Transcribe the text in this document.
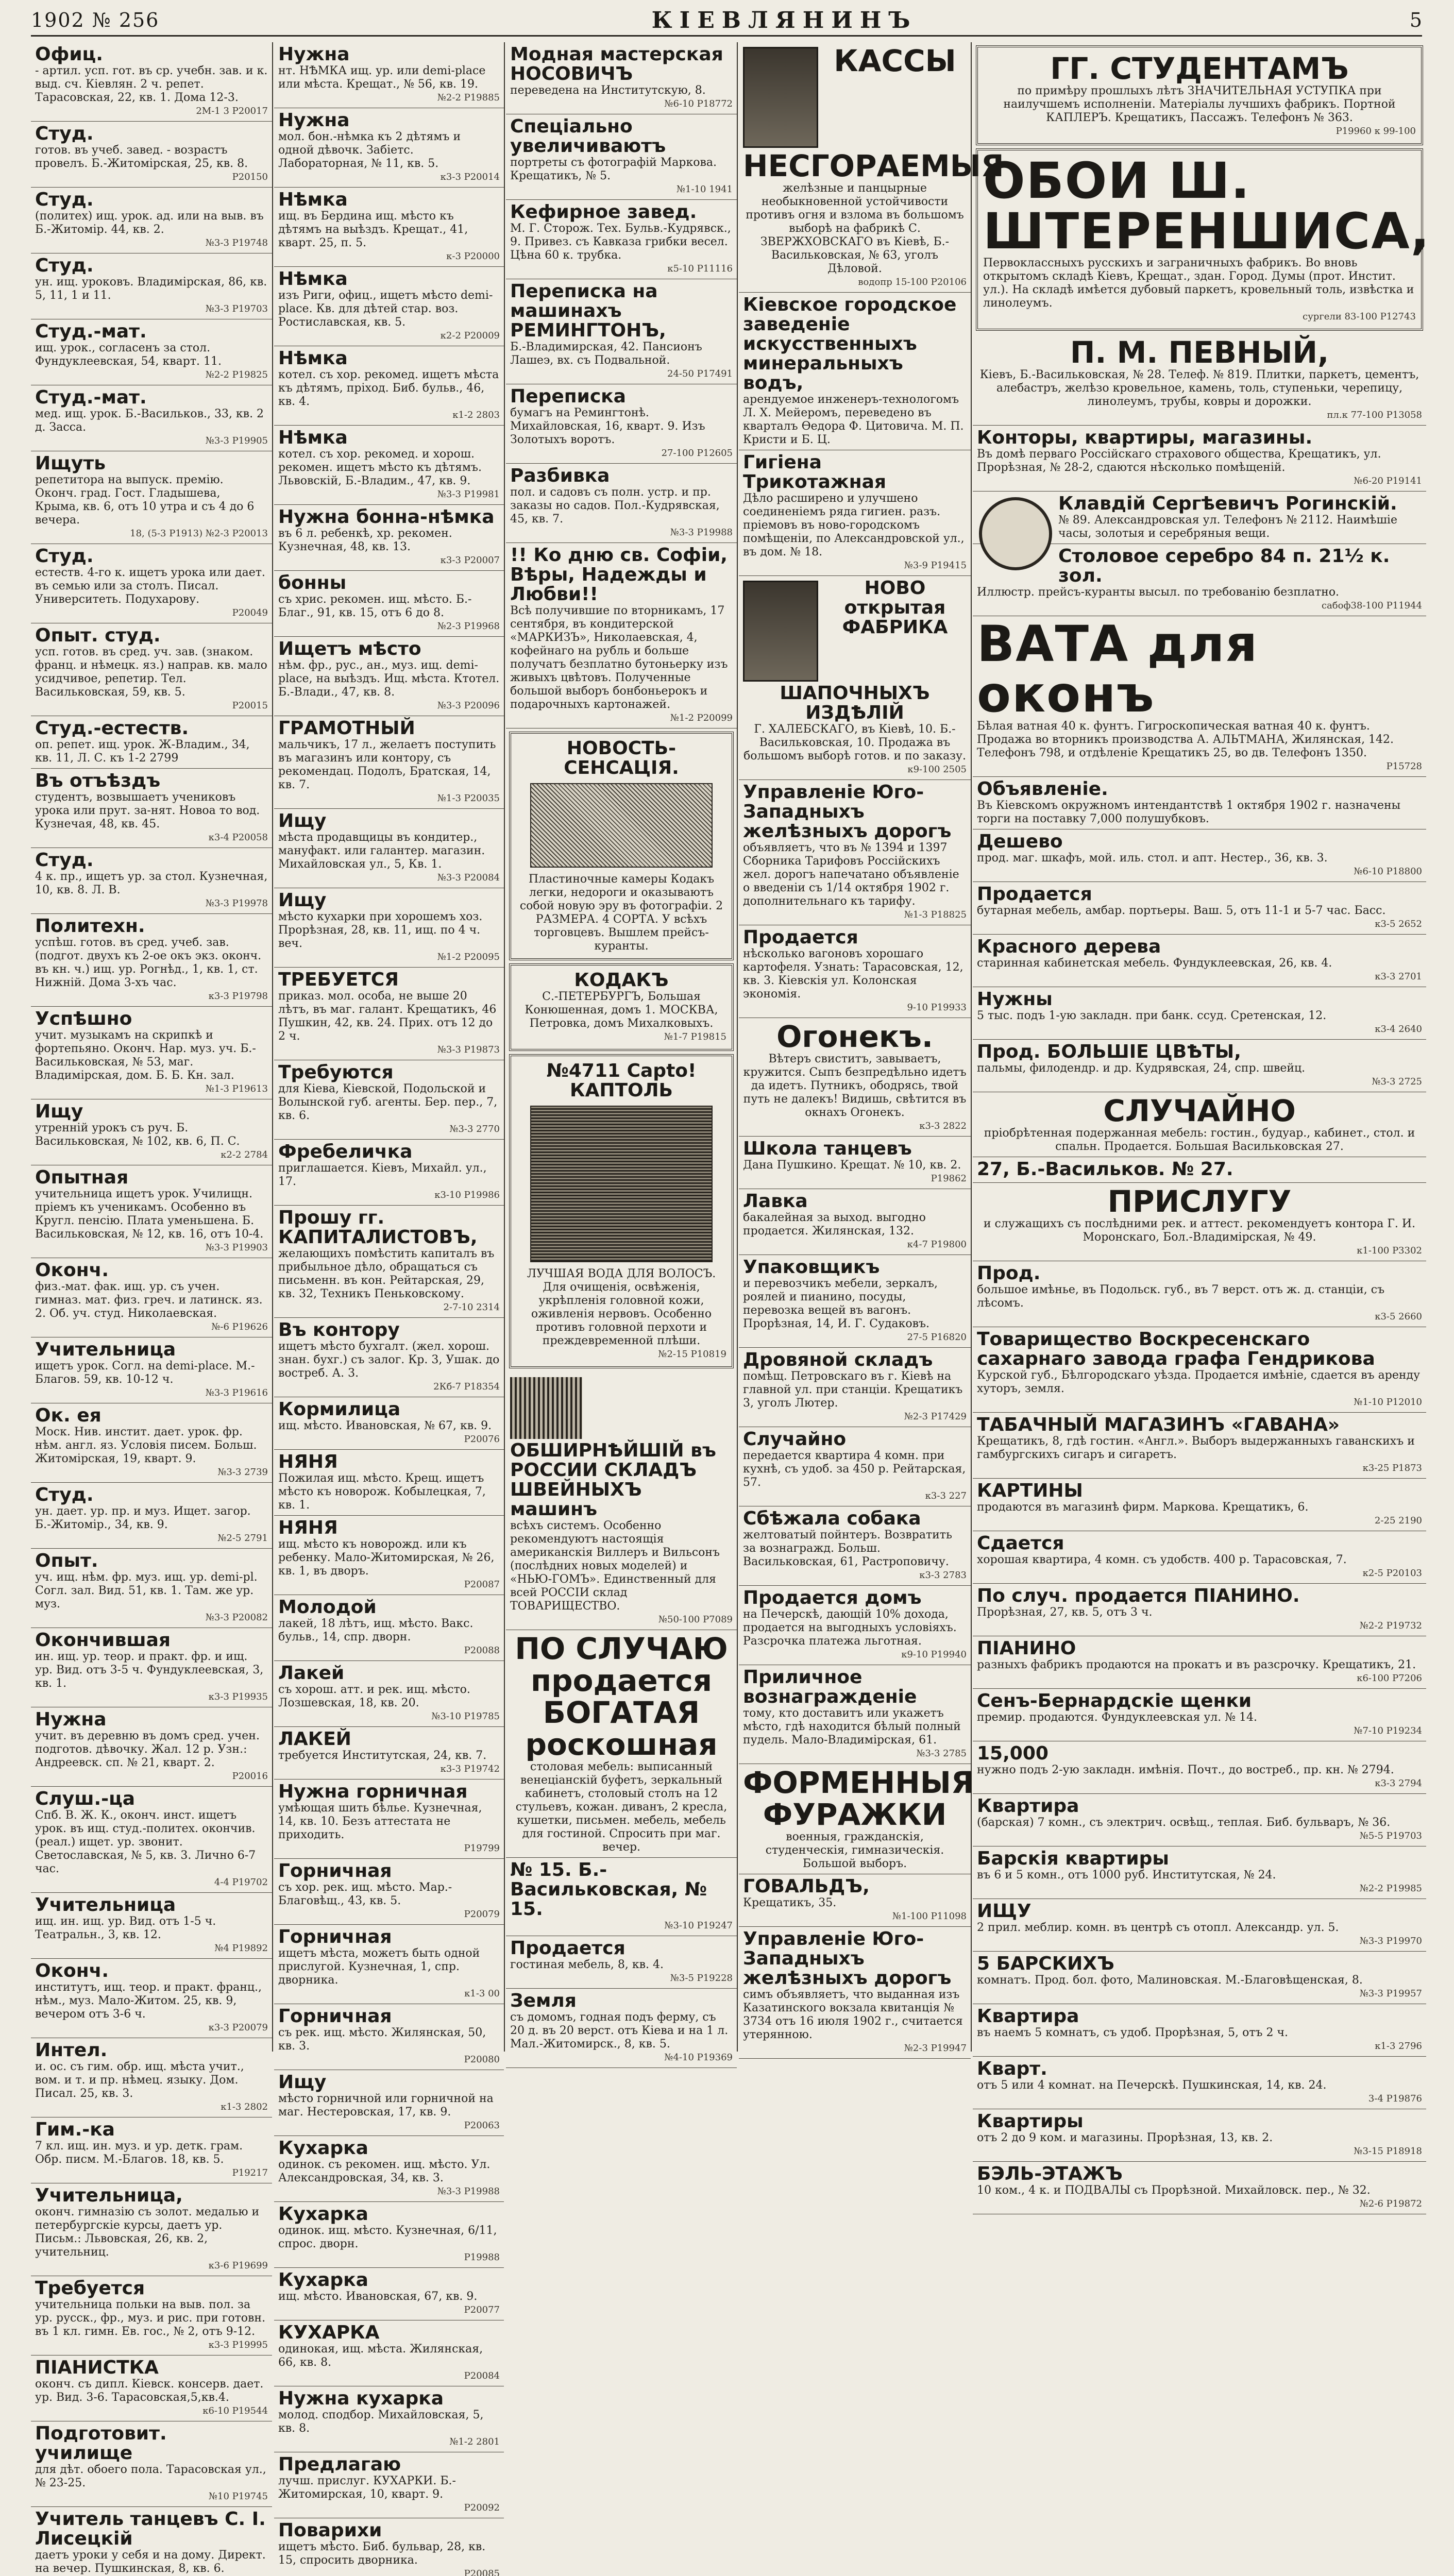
1902 № 256	КІЕВЛЯНИНЪ	5
Офиц.
- артил. усп. гот. въ ср. учебн. зав. и к. выд. сч. Кіевлян. 2 ч. репет. Тарасовская, 22, кв. 1. Дома 12-3.
2М-1 3 Р20017
Студ.
готов. въ учеб. завед. - возрастъ провелъ. Б.-Житомірская, 25, кв. 8.
Р20150
Студ.
(политех) ищ. урок. ад. или на выв. въ Б.-Житомір. 44, кв. 2.
№3-3 Р19748
Студ.
ун. ищ. уроковъ. Владимірская, 86, кв. 5, 11, 1 и 11.
№3-3 Р19703
Студ.-мат.
ищ. урок., согласенъ за стол. Фундуклеевская, 54, кварт. 11.
№2-2 Р19825
Студ.-мат.
мед. ищ. урок. Б.-Васильков., 33, кв. 2 д. Засса.
№3-3 Р19905
Ищуть
репетитора на выпуск. премію. Оконч. град. Гост. Гладышева, Крыма, кв. 6, отъ 10 утра и съ 4 до 6 вечера.
18, (5-3 Р1913) №2-3 Р20013
Студ.
естеств. 4-го к. ищетъ урока или дает. въ семью или за столъ. Писал. Университеть. Подухарову.
Р20049
Опыт. студ.
усп. готов. въ сред. уч. зав. (знаком. франц. и нѣмецк. яз.) направ. кв. мало усидчивое, репетир. Тел. Васильковская, 59, кв. 5.
Р20015
Студ.-естеств.
оп. репет. ищ. урок. Ж-Владим., 34, кв. 11, Л. С. къ 1-2 2799
Въ отъѣздъ
студентъ, возвышаетъ учениковъ урока или прут. за-нят. Новоа то вод. Кузнечая, 48, кв. 45.
к3-4 Р20058
Студ.
4 к. пр., ищетъ ур. за стол. Кузнечная, 10, кв. 8. Л. В.
№3-3 Р19978
Политехн.
успѣш. готов. въ сред. учеб. зав. (подгот. двухъ къ 2-ое окъ экз. оконч. въ кн. ч.) ищ. ур. Рогнѣд., 1, кв. 1, ст. Нижній. Дома 3-хъ час.
к3-3 Р19798
Успѣшно
учит. музыкамъ на скрипкѣ и фортепьяно. Оконч. Нар. муз. уч. Б.-Васильковская, № 53, маг. Владимірская, дом. Б. Б. Кн. зал.
№1-3 Р19613
Ищу
утренній урокъ съ руч. Б. Васильковская, № 102, кв. 6, П. С.
к2-2 2784
Опытная
учительница ищетъ урок. Училищн. пріемъ къ ученикамъ. Особенно въ Кругл. пенсію. Плата уменьшена. Б. Васильковская, № 12, кв. 16, отъ 10-4.
№3-3 Р19903
Оконч.
физ.-мат. фак. ищ. ур. съ учен. гимназ. мат. физ. греч. и латинск. яз. 2. Об. уч. студ. Николаевская.
№-6 Р19626
Учительница
ищетъ урок. Согл. на demi-place. М.-Благов. 59, кв. 10-12 ч.
№3-3 Р19616
Ок. ея
Моск. Нив. инстит. дает. урок. фр. нѣм. англ. яз. Условія писем. Больш. Житомірская, 19, кварт. 9.
№3-3 2739
Студ.
ун. дает. ур. пр. и муз. Ищет. загор. Б.-Житомір., 34, кв. 9.
№2-5 2791
Опыт.
уч. ищ. нѣм. фр. муз. ищ. ур. demi-pl. Согл. зал. Вид. 51, кв. 1. Там. же ур. муз.
№3-3 Р20082
Окончившая
ин. ищ. ур. теор. и практ. фр. и ищ. ур. Вид. отъ 3-5 ч. Фундуклеевская, 3, кв. 1.
к3-3 Р19935
Нужна
учит. въ деревню въ домъ сред. учен. подготов. дѣвочку. Жал. 12 р. Узн.: Андреевск. сп. № 21, кварт. 2.
Р20016
Слуш.-ца
Спб. В. Ж. К., оконч. инст. ищетъ урок. въ ищ. студ.-политех. окончив. (реал.) ищет. ур. звонит. Светославская, № 5, кв. 3. Лично 6-7 час.
4-4 Р19702
Учительница
ищ. ин. ищ. ур. Вид. отъ 1-5 ч. Театральн., 3, кв. 12.
№4 Р19892
Оконч.
институтъ, ищ. теор. и практ. франц., нѣм., муз. Мало-Житом. 25, кв. 9, вечером отъ 3-6 ч.
к3-3 Р20079
Интел.
и. ос. съ гим. обр. ищ. мѣста учит., вом. и т. и пр. нѣмец. языку. Дом. Писал. 25, кв. 3.
к1-3 2802
Гим.-ка
7 кл. ищ. ин. муз. и ур. детк. грам. Обр. писм. М.-Благов. 18, кв. 5.
Р19217
Учительница,
оконч. гимназію съ золот. медалью и петербургскіе курсы, даетъ ур. Письм.: Львовская, 26, кв. 2, учительниц.
к3-6 Р19699
Требуется
учительница польки на выв. пол. за ур. русск., фр., муз. и рис. при готовн. въ 1 кл. гимн. Ев. гос., № 2, отъ 9-12.
к3-3 Р19995
ПІАНИСТКА
оконч. съ дипл. Кіевск. консерв. дает. ур. Вид. 3-6. Тарасовская,5,кв.4.
к6-10 Р19544
Подготовит. училище
для дѣт. обоего пола. Тарасовская ул., № 23-25.
№10 Р19745
Учитель танцевъ С. І. Лисецкій
даетъ уроки у себя и на дому. Директ. на вечер. Пушкинская, 8, кв. 6.
Нужна
нт. НѢМКА ищ. ур. или demi-place или мѣста. Крещат., № 56, кв. 19.
№2-2 Р19885
Нужна
мол. бон.-нѣмка къ 2 дѣтямъ и одной дѣвочк. Забіетс. Лабораторная, № 11, кв. 5.
к3-3 Р20014
Нѣмка
ищ. въ Бердина ищ. мѣсто къ дѣтямъ на выѣздъ. Крещат., 41, кварт. 25, п. 5.
к-3 Р20000
Нѣмка
изъ Риги, офиц., ищетъ мѣсто demi-place. Кв. для дѣтей стар. воз. Ростиславская, кв. 5.
к2-2 Р20009
Нѣмка
котел. съ хор. рекомед. ищетъ мѣста къ дѣтямъ, пріход. Биб. бульв., 46, кв. 4.
к1-2 2803
Нѣмка
котел. съ хор. рекомед. и хорош. рекомен. ищетъ мѣсто къ дѣтямъ. Львовскій, Б.-Владим., 47, кв. 9.
№3-3 Р19981
Нужна бонна-нѣмка
въ 6 л. ребенкѣ, хр. рекомен. Кузнечная, 48, кв. 13.
к3-3 Р20007
бонны
съ хрис. рекомен. ищ. мѣсто. Б.-Благ., 91, кв. 15, отъ 6 до 8.
№2-3 Р19968
Ищетъ мѣсто
нѣм. фр., рус., ан., муз. ищ. demi-place, на выѣздъ. Ищ. мѣста. Ктотел. Б.-Влади., 47, кв. 8.
№3-3 Р20096
ГРАМОТНЫЙ
мальчикъ, 17 л., желаетъ поступить въ магазинъ или контору, съ рекомендац. Подолъ, Братская, 14, кв. 7.
№1-3 Р20035
Ищу
мѣста продавщицы въ кондитер., мануфакт. или галантер. магазин. Михайловская ул., 5, Кв. 1.
№3-3 Р20084
Ищу
мѣсто кухарки при хорошемъ хоз. Прорѣзная, 28, кв. 11, ищ. по 4 ч. веч.
№1-2 Р20095
ТРЕБУЕТСЯ
приказ. мол. особа, не выше 20 лѣтъ, въ маг. галант. Крещатикъ, 46 Пушкин, 42, кв. 24. Прих. отъ 12 до 2 ч.
№3-3 Р19873
Требуются
для Кіева, Кіевской, Подольской и Волынской губ. агенты. Бер. пер., 7, кв. 6.
№3-3 2770
Фребеличка
приглашается. Кіевъ, Михайл. ул., 17.
к3-10 Р19986
Прошу гг. КАПИТАЛИСТОВЪ,
желающихъ помѣстить капиталъ въ прибыльное дѣло, обращаться съ письменн. въ кон. Рейтарская, 29, кв. 32, Техникъ Пеньковскому.
2-7-10 2314
Въ контору
ищетъ мѣсто бухгалт. (жел. хорош. знан. бухг.) съ залог. Кр. 3, Ушак. до востреб. А. 3.
2Кб-7 Р18354
Кормилица
ищ. мѣсто. Ивановская, № 67, кв. 9.
Р20076
НЯНЯ
Пожилая ищ. мѣсто. Крещ. ищетъ мѣсто къ новорож. Кобылецкая, 7, кв. 1.
НЯНЯ
ищ. мѣсто къ новорожд. или къ ребенку. Мало-Житомирская, № 26, кв. 1, въ дворъ.
Р20087
Молодой
лакей, 18 лѣтъ, ищ. мѣсто. Вакс. бульв., 14, спр. дворн.
Р20088
Лакей
съ хорош. атт. и рек. ищ. мѣсто. Лозшевская, 18, кв. 20.
№3-10 Р19785
ЛАКЕЙ
требуется Институтская, 24, кв. 7.
к3-3 Р19742
Нужна горничная
умѣющая шить бѣлье. Кузнечная, 14, кв. 10. Безъ аттестата не приходить.
Р19799
Горничная
съ хор. рек. ищ. мѣсто. Мар.-Благовѣщ., 43, кв. 5.
Р20079
Горничная
ищетъ мѣста, можетъ быть одной прислугой. Кузнечная, 1, спр. дворника.
к1-3 00
Горничная
съ рек. ищ. мѣсто. Жилянская, 50, кв. 3.
Р20080
Ищу
мѣсто горничной или горничной на маг. Нестеровская, 17, кв. 9.
Р20063
Кухарка
одинок. съ рекомен. ищ. мѣсто. Ул. Александровская, 34, кв. 3.
№3-3 Р19988
Кухарка
одинок. ищ. мѣсто. Кузнечная, 6/11, спрос. дворн.
Р19988
Кухарка
ищ. мѣсто. Ивановская, 67, кв. 9.
Р20077
КУХАРКА
одинокая, ищ. мѣста. Жилянская, 66, кв. 8.
Р20084
Нужна кухарка
молод. сподбор. Михайловская, 5, кв. 8.
№1-2 2801
Предлагаю
лучш. прислуг. КУХАРКИ. Б.-Житомирская, 10, кварт. 9.
Р20092
Поварихи
ищетъ мѣсто. Биб. бульвар, 28, кв. 15, спросить дворника.
Р20085
Модная мастерская НОСОВИЧЪ
переведена на Институтскую, 8.
№6-10 Р18772
Спеціально увеличиваютъ
портреты съ фотографій Маркова. Крещатикъ, № 5.
№1-10 1941
Кефирное завед.
М. Г. Сторож. Тех. Бульв.-Кудрявск., 9. Привез. съ Кавказа грибки весел. Цѣна 60 к. трубка.
к5-10 Р11116
Переписка на машинахъ РЕМИНГТОНЪ,
Б.-Владимирская, 42. Пансионъ Лашеэ, вх. съ Подвальной.
24-50 Р17491
Переписка
бумагъ на Ремингтонѣ. Михайловская, 16, кварт. 9. Изъ Золотыхъ воротъ.
27-100 Р12605
Разбивка
пол. и садовъ съ полн. устр. и пр. заказы но садов. Пол.-Кудрявская, 45, кв. 7.
№3-3 Р19988
!! Ко дню св. Софіи, Вѣры, Надежды и Любви!!
Всѣ получившие по вторникамъ, 17 сентября, въ кондитерской «МАРКИЗЪ», Николаевская, 4, кофейнаго на рубль и больше получатъ безплатно бутоньерку изъ живыхъ цвѣтовъ. Полученные большой выборъ бонбоньерокъ и подарочныхъ картонажей.
№1-2 Р20099
НОВОСТЬ-СЕНСАЦІЯ.
Пластиночные камеры Кодакъ легки, недороги и оказываютъ собой новую эру въ фотографіи. 2 РАЗМЕРА. 4 СОРТА. У всѣхъ торговцевъ. Вышлем прейсъ-куранты.
КОДАКЪ
С.-ПЕТЕРБУРГЪ, Большая Конюшенная, домъ 1. МОСКВА, Петровка, домъ Михалковыхъ.
№1-7 Р19815
№4711 Capto! КАПТОЛЬ
ЛУЧШАЯ ВОДА ДЛЯ ВОЛОСЪ. Для очищенія, освѣженія, укрѣпленія головной кожи, оживленія нервовъ. Особенно противъ головной перхоти и преждевременной плѣши.
№2-15 Р10819
ОБШИРНѢЙШІЙ въ РОССИИ СКЛАДЪ ШВЕЙНЫХЪ машинъ
всѣхъ системъ. Особенно рекомендуютъ настоящія американскія Виллеръ и Вильсонъ (послѣдних новых моделей) и «НЬЮ-ГОМЪ». Единственный для всей РОССІИ склад ТОВАРИЩЕСТВО.
№50-100 Р7089
ПО СЛУЧАЮ продается БОГАТАЯ роскошная
столовая мебель: выписанный венеціанскій буфетъ, зеркальный кабинетъ, столовый столъ на 12 стульевъ, кожан. диванъ, 2 кресла, кушетки, письмен. мебель, мебель для гостиной. Спросить при маг. вечер.
№ 15. Б.-Васильковская, № 15.
№3-10 Р19247
Продается
гостиная мебель, 8, кв. 4.
№3-5 Р19228
Земля
съ домомъ, годная подъ ферму, съ 20 д. въ 20 верст. отъ Кіева и на 1 л. Мал.-Житомирск., 8, кв. 5.
№4-10 Р19369
КАССЫ НЕСГОРАЕМЫЯ
желѣзные и панцырные необыкновенной устойчивости противъ огня и взлома въ большомъ выборѣ на фабрикѣ С. ЗВЕРЖХОВСКАГО въ Кіевѣ, Б.-Васильковская, № 63, уголъ Дѣловой.
водопр 15-100 Р20106
Кіевское городское заведеніе искусственныхъ минеральныхъ водъ,
арендуемое инженеръ-технологомъ Л. Х. Мейеромъ, переведено въ кварталъ Ѳедора Ф. Цитовича. М. П. Кристи и Б. Ц.
Гигіена Трикотажная
Дѣло расширено и улучшено соединеніемъ ряда гигиен. разъ. пріемовъ въ ново-городскомъ помѣщеніи, по Александровской ул., въ дом. № 18.
№3-9 Р19415
НОВО открытая ФАБРИКА ШАПОЧНЫХЪ ИЗДѢЛІЙ
Г. ХАЛЕБСКАГО, въ Кіевѣ, 10. Б.-Васильковская, 10. Продажа въ большомъ выборѣ готов. и по заказу.
к9-100 2505
Управленіе Юго-Западныхъ желѣзныхъ дорогъ
объявляетъ, что въ № 1394 и 1397 Сборника Тарифовъ Россійскихъ жел. дорогъ напечатано объявленіе о введеніи съ 1/14 октября 1902 г. дополнительнаго къ тарифу.
№1-3 Р18825
Продается
нѣсколько вагоновъ хорошаго картофеля. Узнать: Тарасовская, 12, кв. 3. Кіевскія ул. Колонская экономія.
9-10 Р19933
Огонекъ.
Вѣтеръ свиститъ, завываетъ, кружится. Сыпъ безпредѣльно идетъ да идетъ. Путникъ, ободрясь, твой путь не далекъ! Видишь, свѣтится въ окнахъ Огонекъ.
к3-3 2822
Школа танцевъ
Дана Пушкино. Крещат. № 10, кв. 2.
Р19862
Лавка
бакалейная за выход. выгодно продается. Жилянская, 132.
к4-7 Р19800
Упаковщикъ
и перевозчикъ мебели, зеркалъ, роялей и пианино, посуды, перевозка вещей въ вагонъ. Прорѣзная, 14, И. Г. Судаковъ.
27-5 Р16820
Дровяной складъ
помѣщ. Петровскаго въ г. Кіевѣ на главной ул. при станціи. Крещатикъ 3, уголъ Лютер.
№2-3 Р17429
Случайно
передается квартира 4 комн. при кухнѣ, съ удоб. за 450 р. Рейтарская, 57.
к3-3 227
Сбѣжала собака
желтоватый пойнтеръ. Возвратить за вознагражд. Больш. Васильковская, 61, Растроповичу.
к3-3 2783
Продается домъ
на Печерскѣ, дающій 10% дохода, продается на выгодныхъ условіяхъ. Разсрочка платежа льготная.
к9-10 Р19940
Приличное вознагражденіе
тому, кто доставитъ или укажетъ мѣсто, гдѣ находится бѣлый полный пудель. Мало-Владимірская, 61.
№3-3 2785
ФОРМЕННЫЯ ФУРАЖКИ
военныя, гражданскія, студенческія, гимназическія. Большой выборъ.
ГОВАЛЬДЪ,
Крещатикъ, 35.
№1-100 Р11098
Управленіе Юго-Западныхъ желѣзныхъ дорогъ
симъ объявляетъ, что выданная изъ Казатинского вокзала квитанція № 3734 отъ 16 июля 1902 г., считается утерянною.
№2-3 Р19947
ГГ. СТУДЕНТАМЪ
по примѣру прошлыхъ лѣтъ ЗНАЧИТЕЛЬНАЯ УСТУПКА при наилучшемъ исполненіи. Матеріалы лучшихъ фабрикъ. Портной КАПЛЕРЪ. Крещатикъ, Пассажъ. Телефонъ № 363.
Р19960 к 99-100
ОБОИ Ш. ШТЕРЕНШИСА,
Первоклассныхъ русскихъ и заграничныхъ фабрикъ. Во вновь открытомъ складѣ Кіевъ, Крещат., здан. Город. Думы (прот. Инстит. ул.). На складѣ имѣется дубовый паркетъ, кровельный толь, извѣстка и линолеумъ.
сургели 83-100 Р12743
П. М. ПЕВНЫЙ,
Кіевъ, Б.-Васильковская, № 28. Телеф. № 819. Плитки, паркетъ, цементъ, алебастръ, желѣзо кровельное, камень, толь, ступеньки, черепицу, линолеумъ, трубы, ковры и дорожки.
пл.к 77-100 Р13058
Конторы, квартиры, магазины.
Въ домѣ перваго Россійскаго страхового общества, Крещатикъ, ул. Прорѣзная, № 28-2, сдаются нѣсколько помѣщеній.
№6-20 Р19141
Клавдій Сергѣевичъ Рогинскій.
№ 89. Александровская ул. Телефонъ № 2112. Наимѣшіе часы, золотыя и серебряныя вещи.
Столовое серебро 84 п. 21½ к. зол.
Иллюстр. прейсъ-куранты высыл. по требованію безплатно.
сабоф38-100 Р11944
ВАТА для оконъ
Бѣлая ватная 40 к. фунтъ. Гигроскопическая ватная 40 к. фунтъ. Продажа во вторникъ производства А. АЛЬТМАНА, Жилянская, 142. Телефонъ 798, и отдѣленіе Крещатикъ 25, во дв. Телефонъ 1350.
Р15728
Объявленіе.
Въ Кіевскомъ окружномъ интендантствѣ 1 октября 1902 г. назначены торги на поставку 7,000 полушубковъ.
Дешево
прод. маг. шкафъ, мой. иль. стол. и апт. Нестер., 36, кв. 3.
№6-10 Р18800
Продается
бутарная мебель, амбар. портьеры. Ваш. 5, отъ 11-1 и 5-7 час. Басс.
к3-5 2652
Красного дерева
старинная кабинетская мебель. Фундуклеевская, 26, кв. 4.
к3-3 2701
Нужны
5 тыс. подъ 1-ую закладн. при банк. ссуд. Сретенская, 12.
к3-4 2640
Прод. БОЛЬШІЕ ЦВѢТЫ,
пальмы, филодендр. и др. Кудрявская, 24, спр. швейц.
№3-3 2725
СЛУЧАЙНО
пріобрѣтенная подержанная мебель: гостин., будуар., кабинет., стол. и спальн. Продается. Большая Васильковская 27.
27, Б.-Васильков. № 27.
ПРИСЛУГУ
и служащихъ съ послѣдними рек. и аттест. рекомендуетъ контора Г. И. Моронскаго, Бол.-Владимірская, № 49.
к1-100 Р3302
Прод.
большое имѣнье, въ Подольск. губ., въ 7 верст. отъ ж. д. станціи, съ лѣсомъ.
к3-5 2660
Товарищество Воскресенскаго сахарнаго завода графа Гендрикова
Курской губ., Бѣлгородскаго уѣзда. Продается имѣніе, сдается въ аренду хуторъ, земля.
№1-10 Р12010
ТАБАЧНЫЙ МАГАЗИНЪ «ГАВАНА»
Крещатикъ, 8, гдѣ гостин. «Англ.». Выборъ выдержанныхъ гаванскихъ и гамбургскихъ сигаръ и сигаретъ.
к3-25 Р1873
КАРТИНЫ
продаются въ магазинѣ фирм. Маркова. Крещатикъ, 6.
2-25 2190
Сдается
хорошая квартира, 4 комн. съ удобств. 400 р. Тарасовская, 7.
к2-5 Р20103
По случ. продается ПІАНИНО.
Прорѣзная, 27, кв. 5, отъ 3 ч.
№2-2 Р19732
ПІАНИНО
разныхъ фабрикъ продаются на прокатъ и въ разсрочку. Крещатикъ, 21.
к6-100 Р7206
Сенъ-Бернардскіе щенки
премир. продаются. Фундуклеевская ул. № 14.
№7-10 Р19234
15,000
нужно подъ 2-ую закладн. имѣнія. Почт., до востреб., пр. кн. № 2794.
к3-3 2794
Квартира
(барская) 7 комн., съ электрич. освѣщ., теплая. Биб. бульваръ, № 36.
№5-5 Р19703
Барскія квартиры
въ 6 и 5 комн., отъ 1000 руб. Институтская, № 24.
№2-2 Р19985
ИЩУ
2 прил. меблир. комн. въ центрѣ съ отопл. Александр. ул. 5.
№3-3 Р19970
5 БАРСКИХЪ
комнатъ. Прод. бол. фото, Малиновская. М.-Благовѣщенская, 8.
№3-3 Р19957
Квартира
въ наемъ 5 комнатъ, съ удоб. Прорѣзная, 5, отъ 2 ч.
к1-3 2796
Кварт.
отъ 5 или 4 комнат. на Печерскѣ. Пушкинская, 14, кв. 24.
3-4 Р19876
Квартиры
отъ 2 до 9 ком. и магазины. Прорѣзная, 13, кв. 2.
№3-15 Р18918
БЭЛЬ-ЭТАЖЪ
10 ком., 4 к. и ПОДВАЛЫ съ Прорѣзной. Михайловск. пер., № 32.
№2-6 Р19872
